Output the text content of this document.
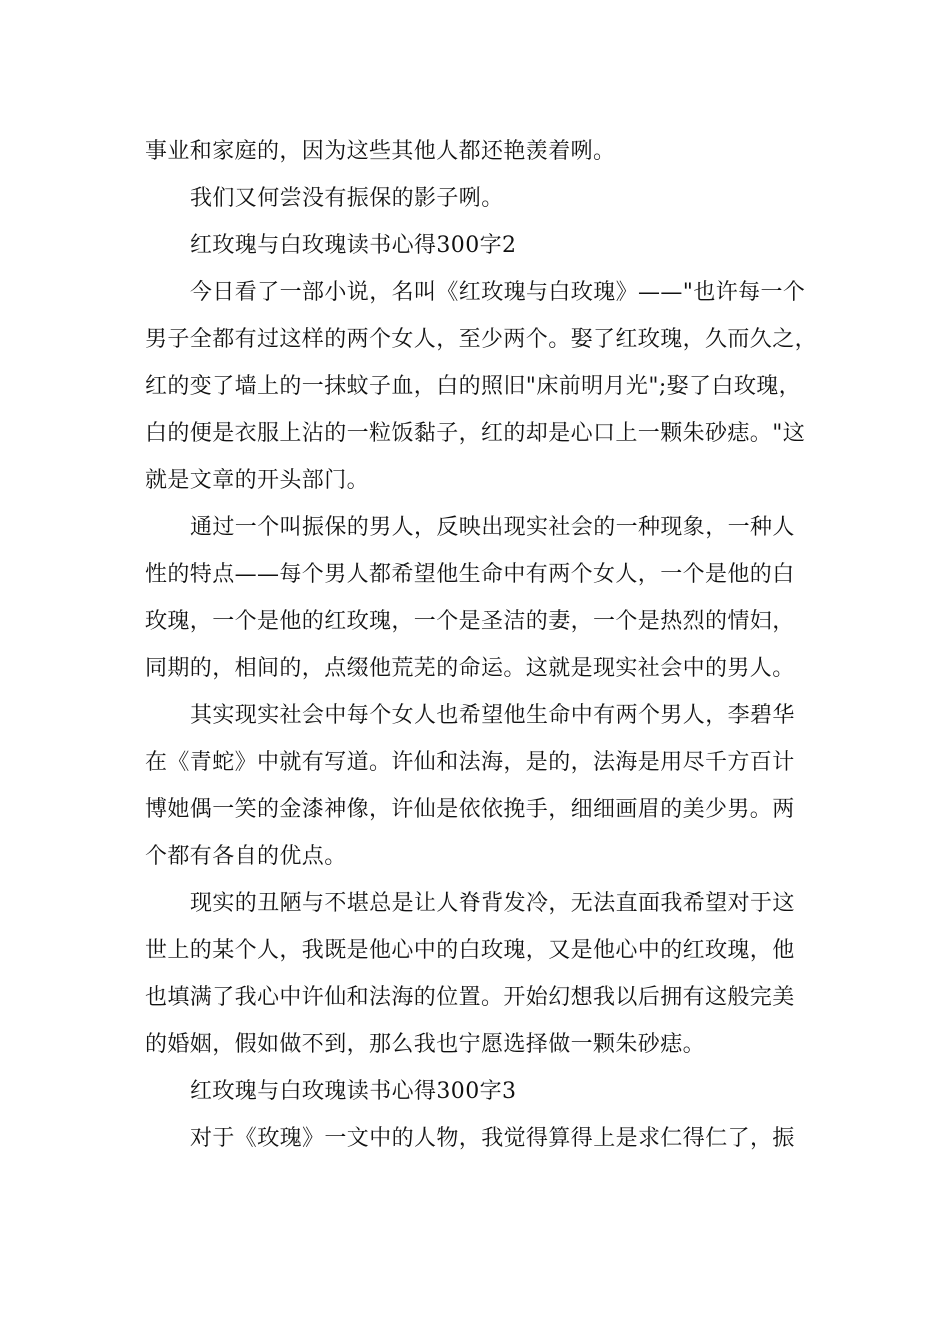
事业和家庭的，因为这些其他人都还艳羡着咧。

我们又何尝没有振保的影子咧。

红玫瑰与白玫瑰读书心得300字2

今日看了一部小说，名叫《红玫瑰与白玫瑰》——"也许每一个
男子全都有过这样的两个女人，至少两个。娶了红玫瑰，久而久之，
红的变了墙上的一抹蚊子血，白的照旧"床前明月光";娶了白玫瑰，
白的便是衣服上沾的一粒饭黏子，红的却是心口上一颗朱砂痣。"这
就是文章的开头部门。

通过一个叫振保的男人，反映出现实社会的一种现象，一种人
性的特点——每个男人都希望他生命中有两个女人，一个是他的白
玫瑰，一个是他的红玫瑰，一个是圣洁的妻，一个是热烈的情妇，
同期的，相间的，点缀他荒芜的命运。这就是现实社会中的男人。

其实现实社会中每个女人也希望他生命中有两个男人，李碧华
在《青蛇》中就有写道。许仙和法海，是的，法海是用尽千方百计
博她偶一笑的金漆神像，许仙是依依挽手，细细画眉的美少男。两
个都有各自的优点。

现实的丑陋与不堪总是让人脊背发冷，无法直面我希望对于这
世上的某个人，我既是他心中的白玫瑰，又是他心中的红玫瑰，他
也填满了我心中许仙和法海的位置。开始幻想我以后拥有这般完美
的婚姻，假如做不到，那么我也宁愿选择做一颗朱砂痣。

红玫瑰与白玫瑰读书心得300字3

对于《玫瑰》一文中的人物，我觉得算得上是求仁得仁了，振
